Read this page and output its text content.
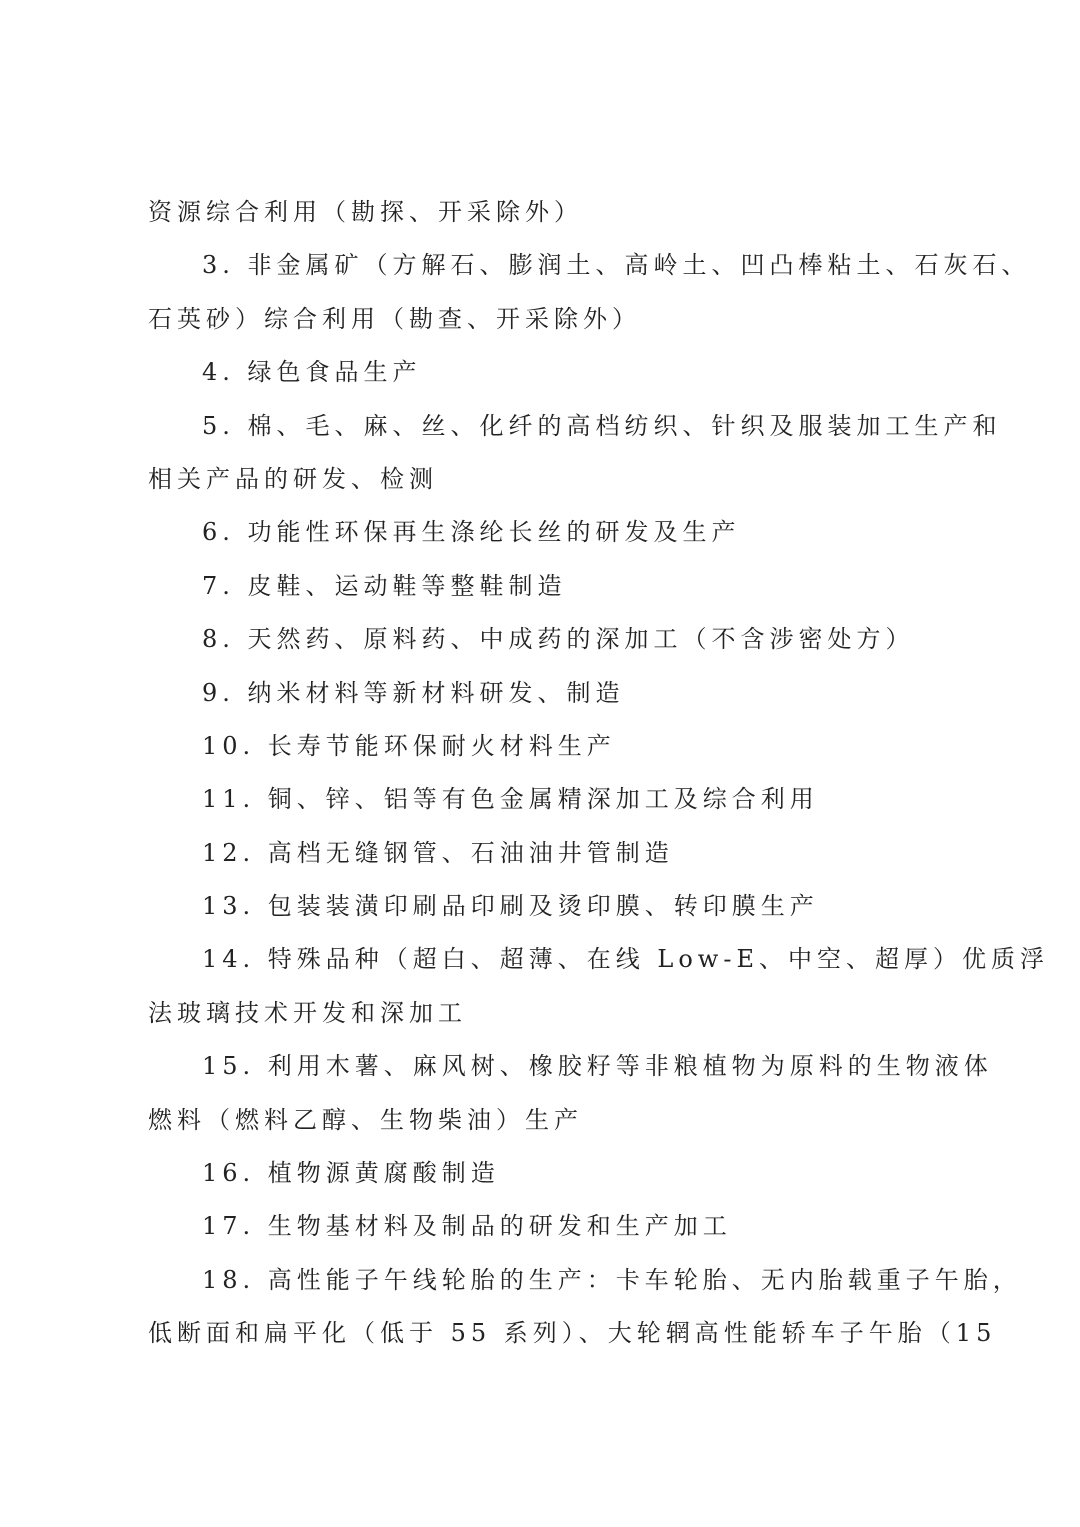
资源综合利用（勘探、开采除外）

3. 非金属矿（方解石、膨润土、高岭土、凹凸棒粘土、石灰石、

石英砂）综合利用（勘查、开采除外）

4. 绿色食品生产

5. 棉、毛、麻、丝、化纤的高档纺织、针织及服装加工生产和

相关产品的研发、检测

6. 功能性环保再生涤纶长丝的研发及生产

7. 皮鞋、运动鞋等整鞋制造

8. 天然药、原料药、中成药的深加工（不含涉密处方）

9. 纳米材料等新材料研发、制造

10. 长寿节能环保耐火材料生产

11. 铜、锌、铝等有色金属精深加工及综合利用

12. 高档无缝钢管、石油油井管制造

13. 包装装潢印刷品印刷及烫印膜、转印膜生产

14. 特殊品种（超白、超薄、在线 Low-E、中空、超厚）优质浮

法玻璃技术开发和深加工

15. 利用木薯、麻风树、橡胶籽等非粮植物为原料的生物液体

燃料（燃料乙醇、生物柴油）生产

16. 植物源黄腐酸制造

17. 生物基材料及制品的研发和生产加工

18. 高性能子午线轮胎的生产：卡车轮胎、无内胎载重子午胎，

低断面和扁平化（低于 55 系列）、大轮辋高性能轿车子午胎（15
